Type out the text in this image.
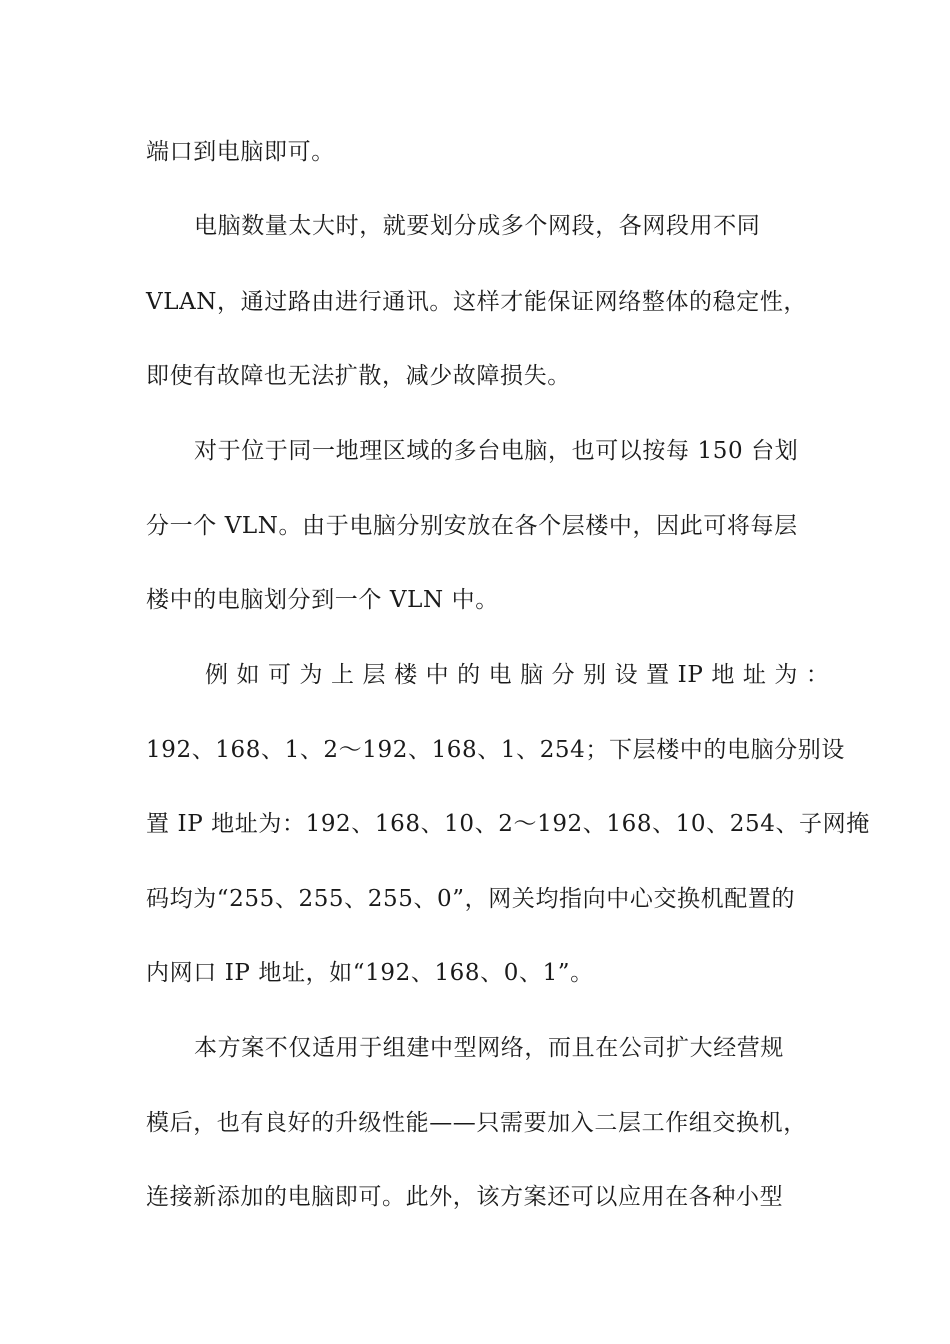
端口到电脑即可。
电脑数量太大时，就要划分成多个网段，各网段用不同
VLAN，通过路由进行通讯。这样才能保证网络整体的稳定性，
即使有故障也无法扩散，减少故障损失。
对于位于同一地理区域的多台电脑，也可以按每 150 台划
分一个 VLN。由于电脑分别安放在各个层楼中，因此可将每层
楼中的电脑划分到一个 VLN 中。
例 如 可 为 上 层 楼 中 的 电 脑 分 别 设 置 IP 地 址 为 ：
192、168、1、2～192、168、1、254；下层楼中的电脑分别设
置 IP 地址为：192、168、10、2～192、168、10、254、子网掩
码均为“255、255、255、0”，网关均指向中心交换机配置的
内网口 IP 地址，如“192、168、0、1”。
本方案不仅适用于组建中型网络，而且在公司扩大经营规
模后，也有良好的升级性能——只需要加入二层工作组交换机，
连接新添加的电脑即可。此外，该方案还可以应用在各种小型
